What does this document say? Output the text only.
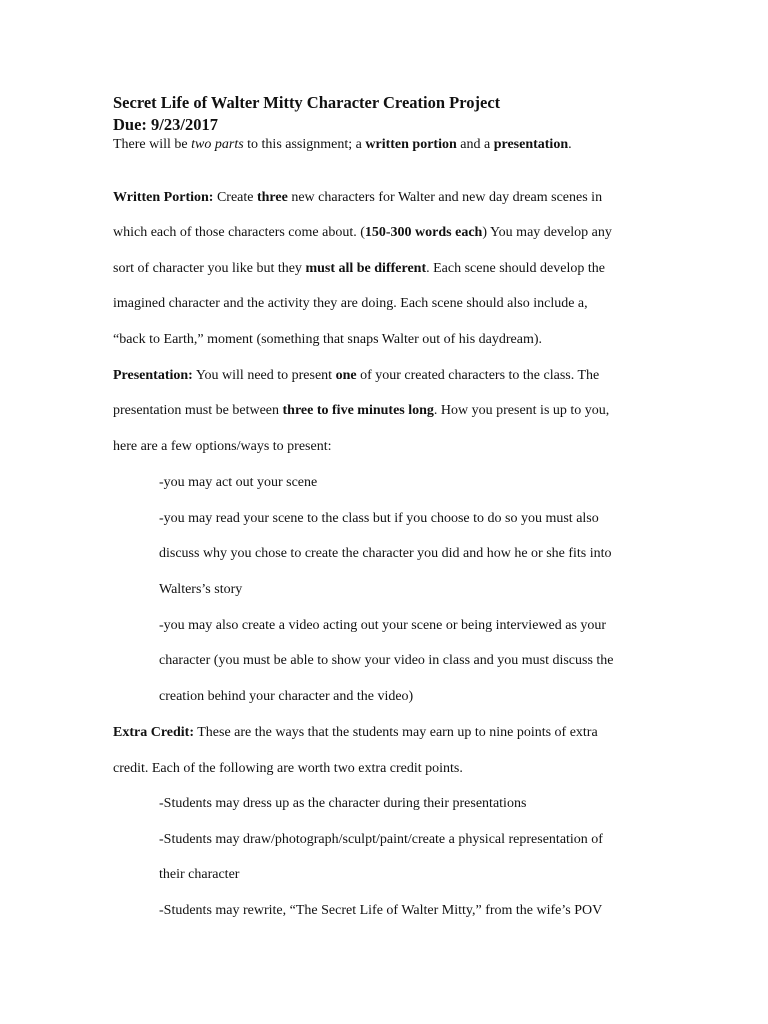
Secret Life of Walter Mitty Character Creation Project
Due: 9/23/2017
There will be two parts to this assignment; a written portion and a presentation.
Written Portion: Create three new characters for Walter and new day dream scenes in
which each of those characters come about. (150-300 words each) You may develop any
sort of character you like but they must all be different. Each scene should develop the
imagined character and the activity they are doing. Each scene should also include a,
“back to Earth,” moment (something that snaps Walter out of his daydream).
Presentation: You will need to present one of your created characters to the class. The
presentation must be between three to five minutes long. How you present is up to you,
here are a few options/ways to present:
-you may act out your scene
-you may read your scene to the class but if you choose to do so you must also
discuss why you chose to create the character you did and how he or she fits into
Walters’s story
-you may also create a video acting out your scene or being interviewed as your
character (you must be able to show your video in class and you must discuss the
creation behind your character and the video)
Extra Credit: These are the ways that the students may earn up to nine points of extra
credit. Each of the following are worth two extra credit points.
-Students may dress up as the character during their presentations
-Students may draw/photograph/sculpt/paint/create a physical representation of
their character
-Students may rewrite, “The Secret Life of Walter Mitty,” from the wife’s POV
